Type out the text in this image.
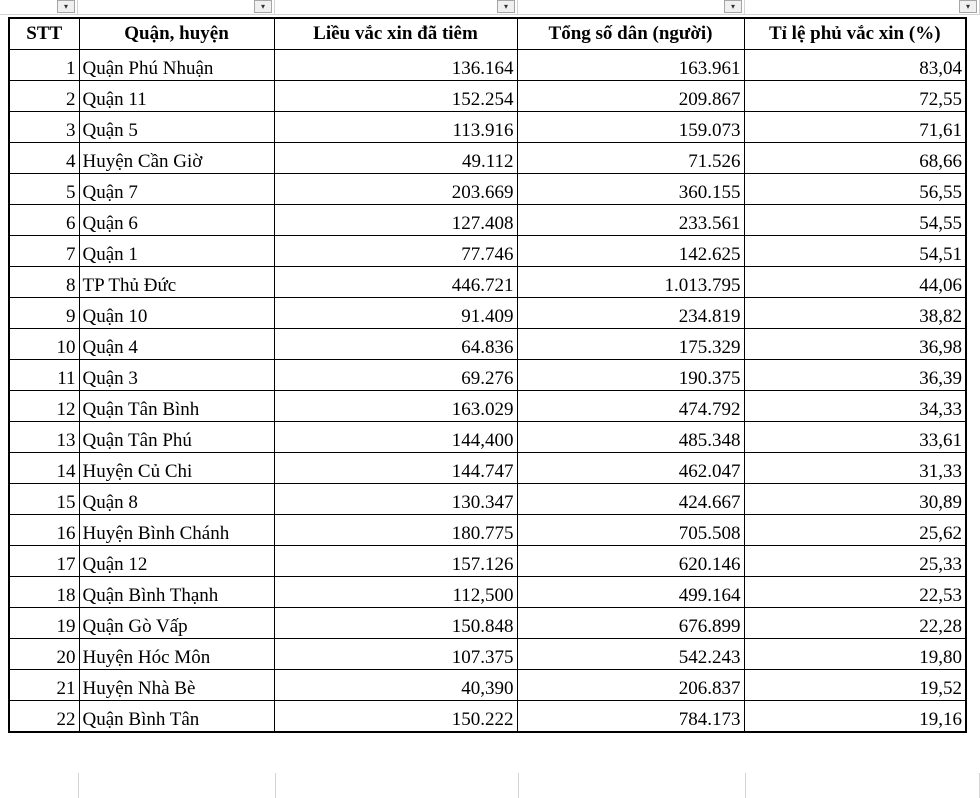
▾	▾	▾	▾	▾
STT	Quận, huyện	Liều vắc xin đã tiêm	Tổng số dân (người)	Tỉ lệ phủ vắc xin (%)
1	Quận Phú Nhuận	136.164	163.961	83,04
2	Quận 11	152.254	209.867	72,55
3	Quận 5	113.916	159.073	71,61
4	Huyện Cần Giờ	49.112	71.526	68,66
5	Quận 7	203.669	360.155	56,55
6	Quận 6	127.408	233.561	54,55
7	Quận 1	77.746	142.625	54,51
8	TP Thủ Đức	446.721	1.013.795	44,06
9	Quận 10	91.409	234.819	38,82
10	Quận 4	64.836	175.329	36,98
11	Quận 3	69.276	190.375	36,39
12	Quận Tân Bình	163.029	474.792	34,33
13	Quận Tân Phú	144,400	485.348	33,61
14	Huyện Củ Chi	144.747	462.047	31,33
15	Quận 8	130.347	424.667	30,89
16	Huyện Bình Chánh	180.775	705.508	25,62
17	Quận 12	157.126	620.146	25,33
18	Quận Bình Thạnh	112,500	499.164	22,53
19	Quận Gò Vấp	150.848	676.899	22,28
20	Huyện Hóc Môn	107.375	542.243	19,80
21	Huyện Nhà Bè	40,390	206.837	19,52
22	Quận Bình Tân	150.222	784.173	19,16
